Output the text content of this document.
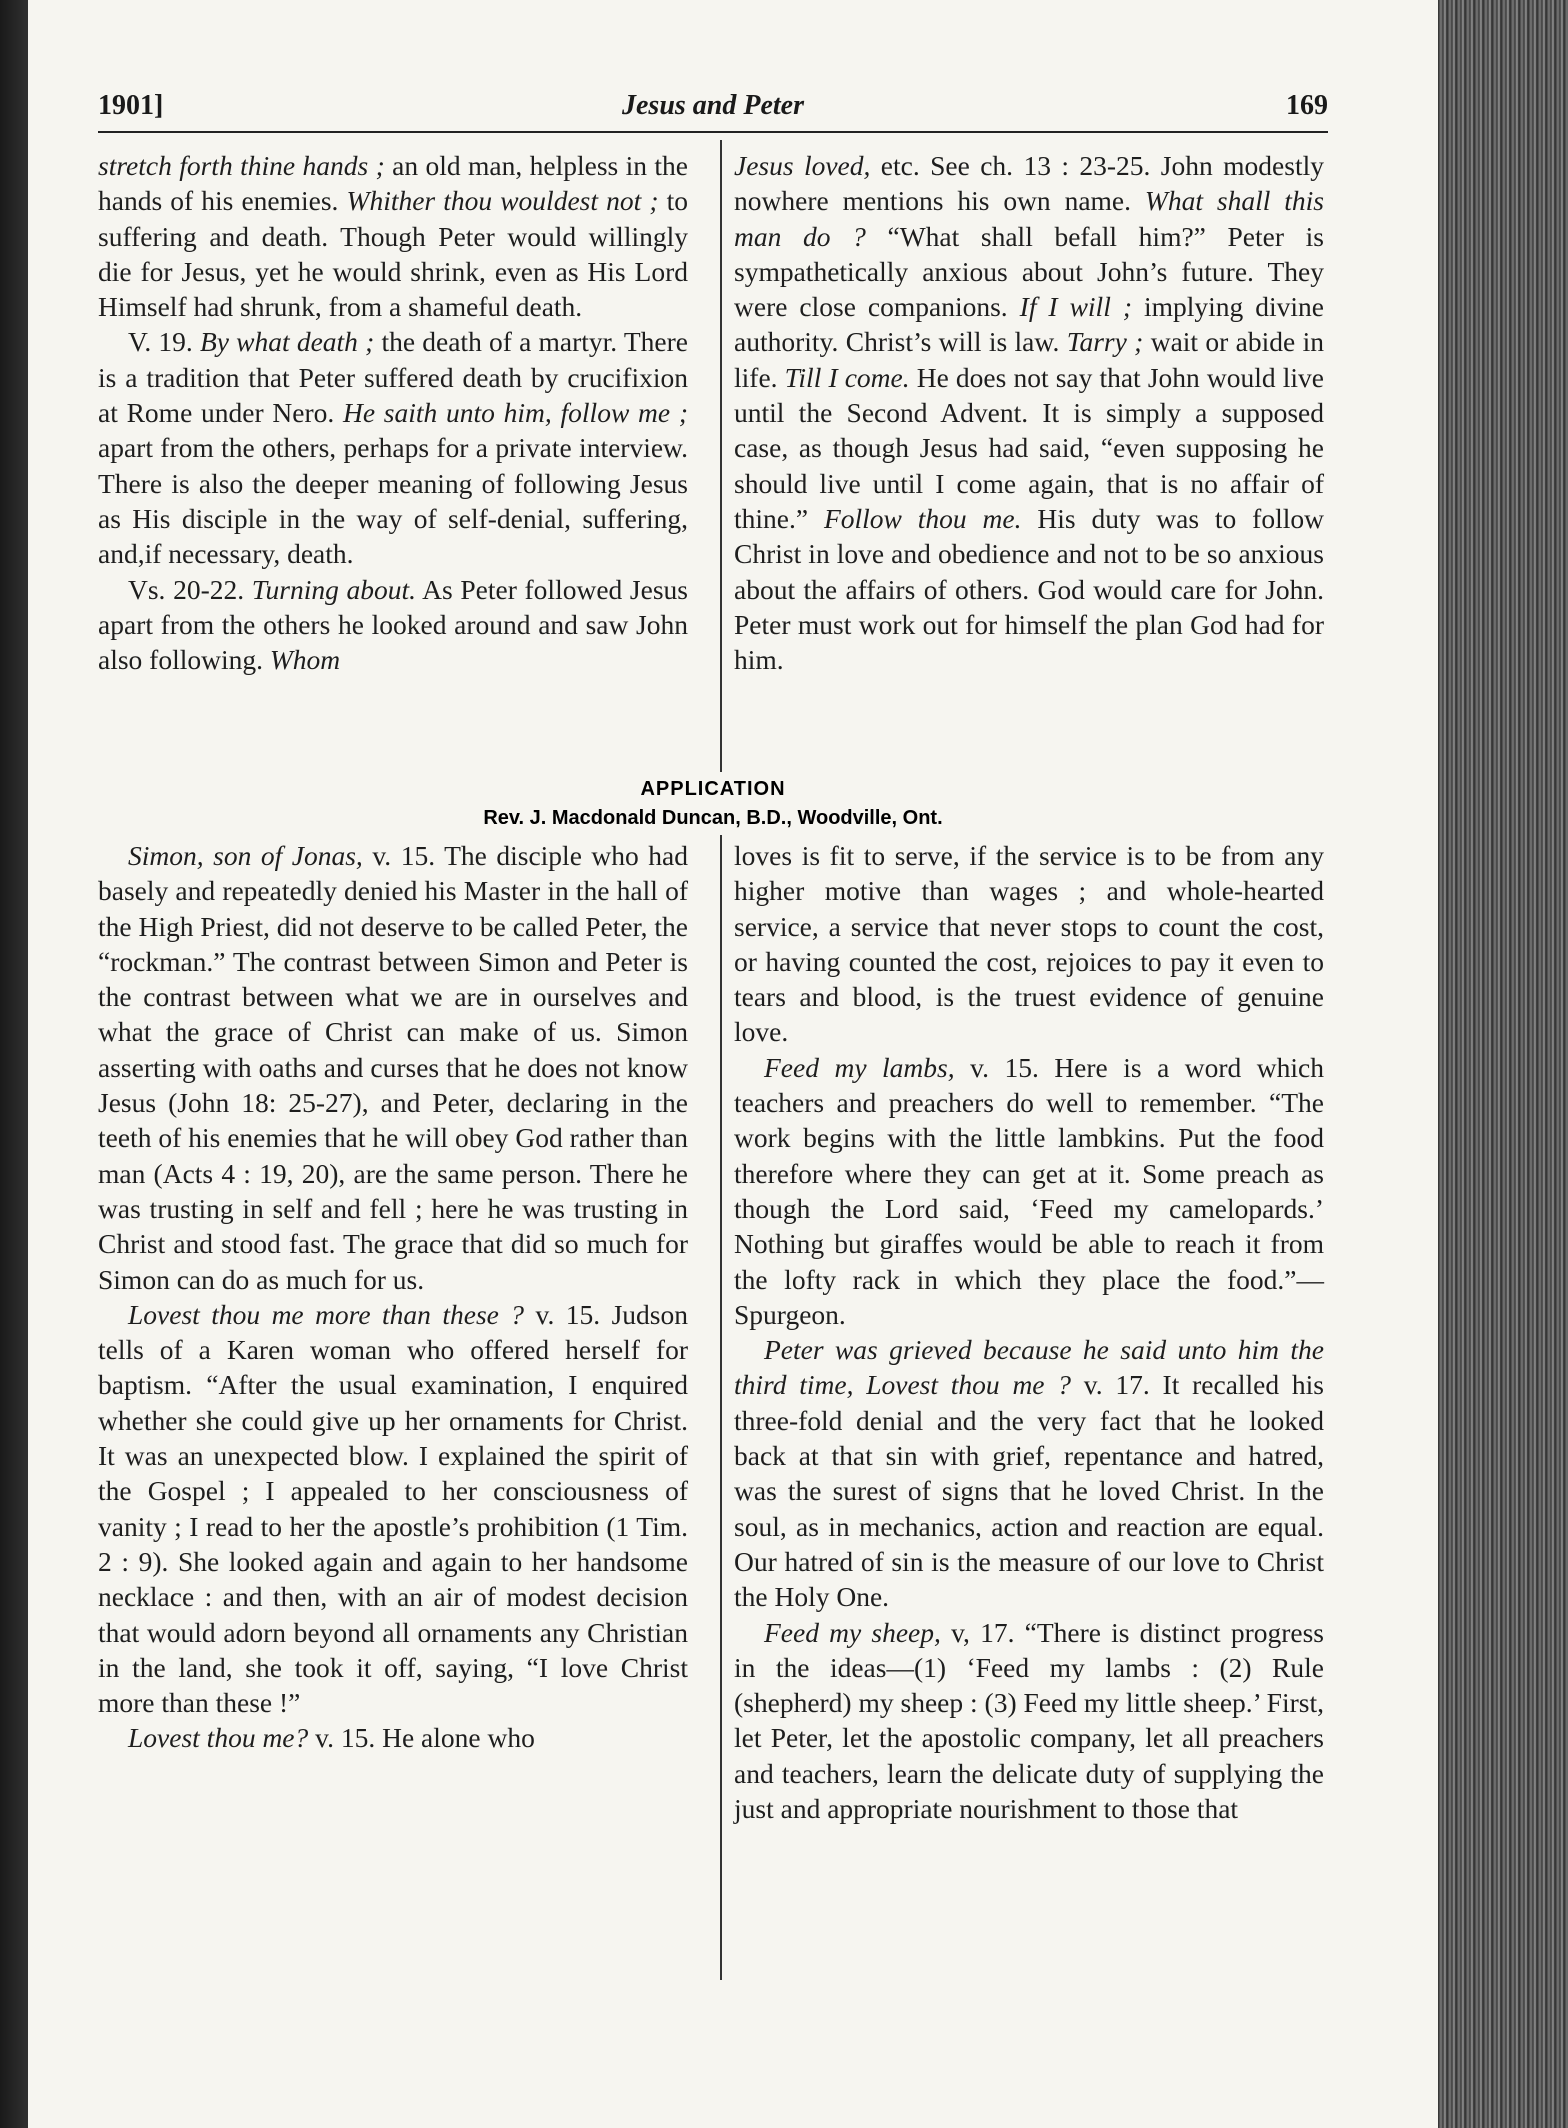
1901]	Jesus and Peter	169

stretch forth thine hands ; an old man, helpless in the hands of his enemies. Whither thou wouldest not ; to suffering and death. Though Peter would willingly die for Jesus, yet he would shrink, even as His Lord Himself had shrunk, from a shameful death.

V. 19. By what death ; the death of a martyr. There is a tradition that Peter suffered death by crucifixion at Rome under Nero. He saith unto him, follow me ; apart from the others, perhaps for a private interview. There is also the deeper meaning of following Jesus as His disciple in the way of self-denial, suffering, and,if necessary, death.

Vs. 20-22. Turning about. As Peter followed Jesus apart from the others he looked around and saw John also following. Whom

Jesus loved, etc. See ch. 13 : 23-25. John modestly nowhere mentions his own name. What shall this man do ? “What shall befall him?” Peter is sympathetically anxious about John’s future. They were close companions. If I will ; implying divine authority. Christ’s will is law. Tarry ; wait or abide in life. Till I come. He does not say that John would live until the Second Advent. It is simply a supposed case, as though Jesus had said, “even supposing he should live until I come again, that is no affair of thine.” Follow thou me. His duty was to follow Christ in love and obedience and not to be so anxious about the affairs of others. God would care for John. Peter must work out for himself the plan God had for him.

APPLICATION
Rev. J. Macdonald Duncan, B.D., Woodville, Ont.

Simon, son of Jonas, v. 15. The disciple who had basely and repeatedly denied his Master in the hall of the High Priest, did not deserve to be called Peter, the “rockman.” The contrast between Simon and Peter is the contrast between what we are in ourselves and what the grace of Christ can make of us. Simon asserting with oaths and curses that he does not know Jesus (John 18: 25-27), and Peter, declaring in the teeth of his enemies that he will obey God rather than man (Acts 4 : 19, 20), are the same person. There he was trusting in self and fell ; here he was trusting in Christ and stood fast. The grace that did so much for Simon can do as much for us.

Lovest thou me more than these ? v. 15. Judson tells of a Karen woman who offered herself for baptism. “After the usual examination, I enquired whether she could give up her ornaments for Christ. It was an unexpected blow. I explained the spirit of the Gospel ; I appealed to her consciousness of vanity ; I read to her the apostle’s prohibition (1 Tim. 2 : 9). She looked again and again to her handsome necklace : and then, with an air of modest decision that would adorn beyond all ornaments any Christian in the land, she took it off, saying, “I love Christ more than these !”

Lovest thou me? v. 15. He alone who

loves is fit to serve, if the service is to be from any higher motive than wages ; and whole-hearted service, a service that never stops to count the cost, or having counted the cost, rejoices to pay it even to tears and blood, is the truest evidence of genuine love.

Feed my lambs, v. 15. Here is a word which teachers and preachers do well to remember. “The work begins with the little lambkins. Put the food therefore where they can get at it. Some preach as though the Lord said, ‘Feed my camelopards.’ Nothing but giraffes would be able to reach it from the lofty rack in which they place the food.”—Spurgeon.

Peter was grieved because he said unto him the third time, Lovest thou me ? v. 17. It recalled his three-fold denial and the very fact that he looked back at that sin with grief, repentance and hatred, was the surest of signs that he loved Christ. In the soul, as in mechanics, action and reaction are equal. Our hatred of sin is the measure of our love to Christ the Holy One.

Feed my sheep, v, 17. “There is distinct progress in the ideas—(1) ‘Feed my lambs : (2) Rule (shepherd) my sheep : (3) Feed my little sheep.’ First, let Peter, let the apostolic company, let all preachers and teachers, learn the delicate duty of supplying the just and appropriate nourishment to those that
